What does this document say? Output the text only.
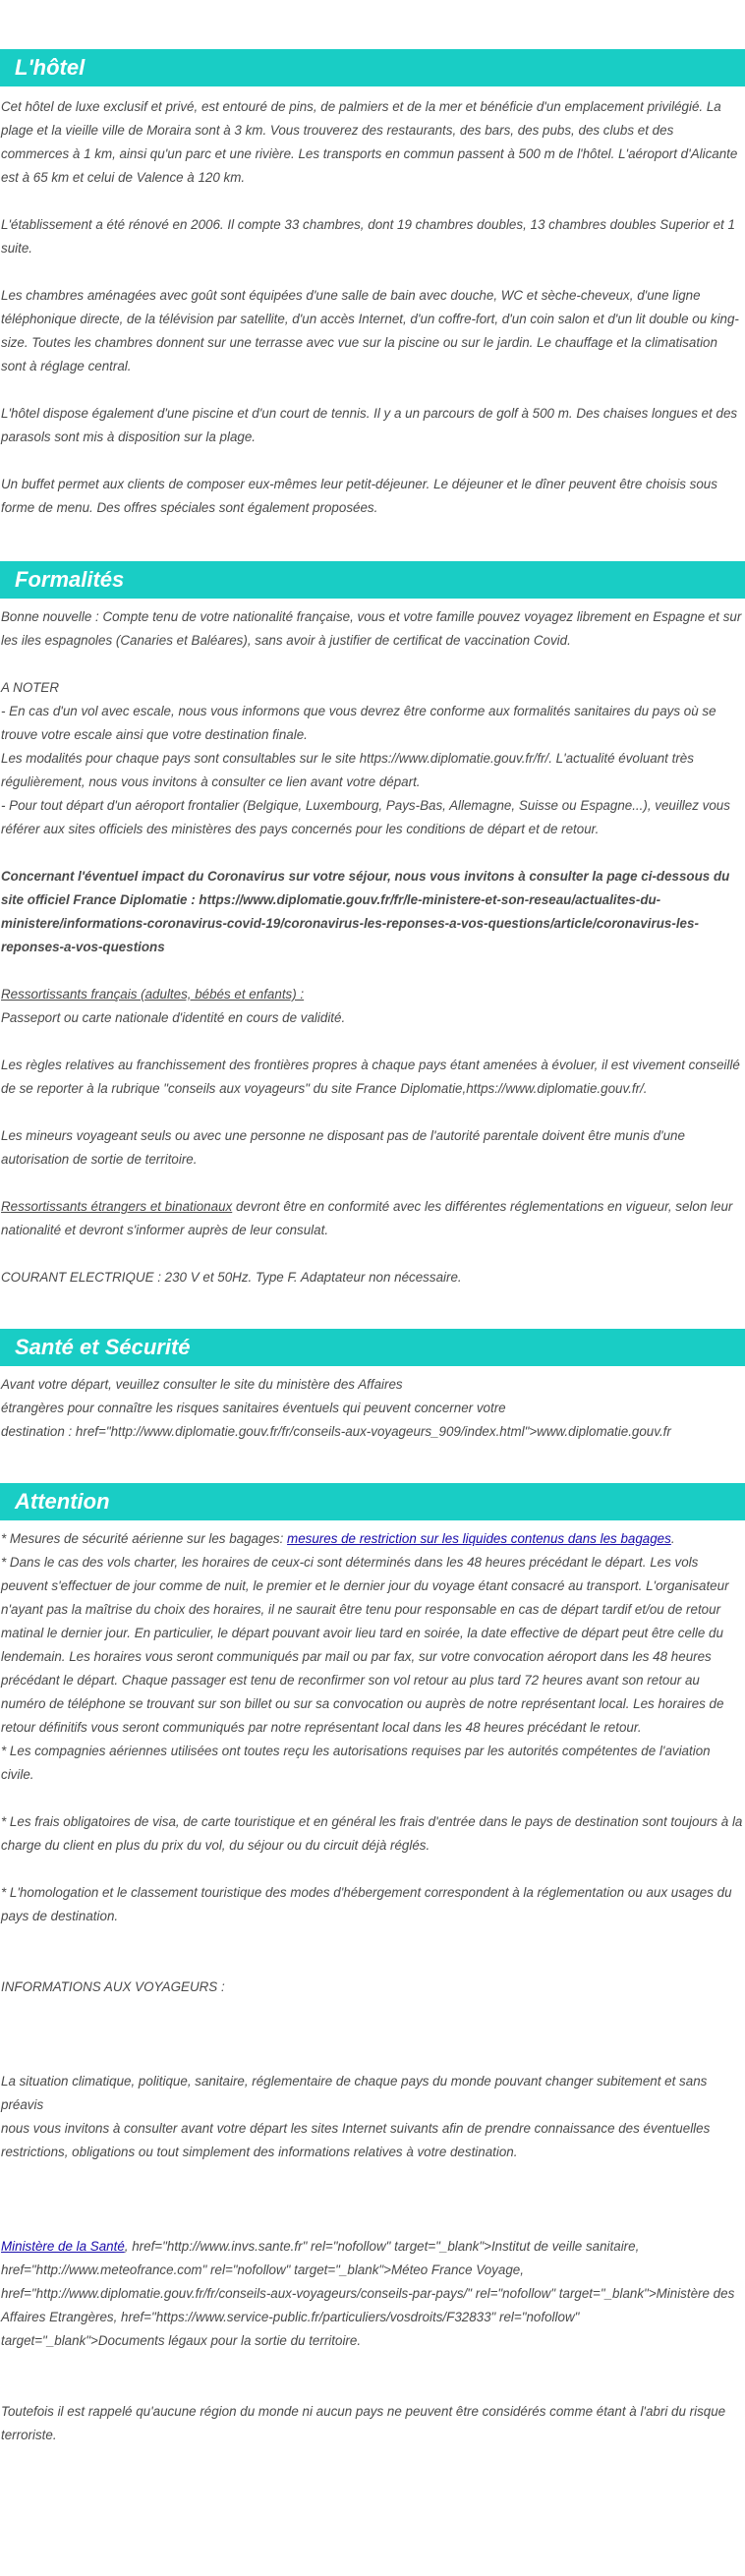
L'hôtel

Cet hôtel de luxe exclusif et privé, est entouré de pins, de palmiers et de la mer et bénéficie d'un emplacement privilégié. La plage et la vieille ville de Moraira sont à 3 km. Vous trouverez des restaurants, des bars, des pubs, des clubs et des commerces à 1 km, ainsi qu'un parc et une rivière. Les transports en commun passent à 500 m de l'hôtel. L'aéroport d'Alicante est à 65 km et celui de Valence à 120 km.

L'établissement a été rénové en 2006. Il compte 33 chambres, dont 19 chambres doubles, 13 chambres doubles Superior et 1 suite.

Les chambres aménagées avec goût sont équipées d'une salle de bain avec douche, WC et sèche-cheveux, d'une ligne téléphonique directe, de la télévision par satellite, d'un accès Internet, d'un coffre-fort, d'un coin salon et d'un lit double ou king-size. Toutes les chambres donnent sur une terrasse avec vue sur la piscine ou sur le jardin. Le chauffage et la climatisation sont à réglage central.

L'hôtel dispose également d'une piscine et d'un court de tennis. Il y a un parcours de golf à 500 m. Des chaises longues et des parasols sont mis à disposition sur la plage.

Un buffet permet aux clients de composer eux-mêmes leur petit-déjeuner. Le déjeuner et le dîner peuvent être choisis sous forme de menu. Des offres spéciales sont également proposées.

Formalités

Bonne nouvelle : Compte tenu de votre nationalité française, vous et votre famille pouvez voyagez librement en Espagne et sur les iles espagnoles (Canaries et Baléares), sans avoir à justifier de certificat de vaccination Covid.

A NOTER

- En cas d'un vol avec escale, nous vous informons que vous devrez être conforme aux formalités sanitaires du pays où se trouve votre escale ainsi que votre destination finale.

Les modalités pour chaque pays sont consultables sur le site https://www.diplomatie.gouv.fr/fr/. L'actualité évoluant très régulièrement, nous vous invitons à consulter ce lien avant votre départ.

- Pour tout départ d'un aéroport frontalier (Belgique, Luxembourg, Pays-Bas, Allemagne, Suisse ou Espagne...), veuillez vous référer aux sites officiels des ministères des pays concernés pour les conditions de départ et de retour.

Concernant l'éventuel impact du Coronavirus sur votre séjour, nous vous invitons à consulter la page ci-dessous du site officiel France Diplomatie : https://www.diplomatie.gouv.fr/fr/le-ministere-et-son-reseau/actualites-du-ministere/informations-coronavirus-covid-19/coronavirus-les-reponses-a-vos-questions/article/coronavirus-les-reponses-a-vos-questions

Ressortissants français (adultes, bébés et enfants) :

Passeport ou carte nationale d'identité en cours de validité.

Les règles relatives au franchissement des frontières propres à chaque pays étant amenées à évoluer, il est vivement conseillé de se reporter à la rubrique "conseils aux voyageurs" du site France Diplomatie,https://www.diplomatie.gouv.fr/.

Les mineurs voyageant seuls ou avec une personne ne disposant pas de l'autorité parentale doivent être munis d'une autorisation de sortie de territoire.

Ressortissants étrangers et binationaux devront être en conformité avec les différentes réglementations en vigueur, selon leur nationalité et devront s'informer auprès de leur consulat.

COURANT ELECTRIQUE : 230 V et 50Hz. Type F. Adaptateur non nécessaire.

Santé et Sécurité

Avant votre départ, veuillez consulter le site du ministère des Affaires

étrangères pour connaître les risques sanitaires éventuels qui peuvent concerner votre

destination : href="http://www.diplomatie.gouv.fr/fr/conseils-aux-voyageurs_909/index.html">www.diplomatie.gouv.fr

Attention

* Mesures de sécurité aérienne sur les bagages: mesures de restriction sur les liquides contenus dans les bagages.

* Dans le cas des vols charter, les horaires de ceux-ci sont déterminés dans les 48 heures précédant le départ. Les vols peuvent s'effectuer de jour comme de nuit, le premier et le dernier jour du voyage étant consacré au transport. L'organisateur n'ayant pas la maîtrise du choix des horaires, il ne saurait être tenu pour responsable en cas de départ tardif et/ou de retour matinal le dernier jour. En particulier, le départ pouvant avoir lieu tard en soirée, la date effective de départ peut être celle du lendemain. Les horaires vous seront communiqués par mail ou par fax, sur votre convocation aéroport dans les 48 heures précédant le départ. Chaque passager est tenu de reconfirmer son vol retour au plus tard 72 heures avant son retour au numéro de téléphone se trouvant sur son billet ou sur sa convocation ou auprès de notre représentant local. Les horaires de retour définitifs vous seront communiqués par notre représentant local dans les 48 heures précédant le retour.

* Les compagnies aériennes utilisées ont toutes reçu les autorisations requises par les autorités compétentes de l'aviation civile.

* Les frais obligatoires de visa, de carte touristique et en général les frais d'entrée dans le pays de destination sont toujours à la charge du client en plus du prix du vol, du séjour ou du circuit déjà réglés.

* L'homologation et le classement touristique des modes d'hébergement correspondent à la réglementation ou aux usages du pays de destination.

INFORMATIONS AUX VOYAGEURS :

La situation climatique, politique, sanitaire, réglementaire de chaque pays du monde pouvant changer subitement et sans préavis

nous vous invitons à consulter avant votre départ les sites Internet suivants afin de prendre connaissance des éventuelles restrictions, obligations ou tout simplement des informations relatives à votre destination.

Ministère de la Santé, href="http://www.invs.sante.fr" rel="nofollow" target="_blank">Institut de veille sanitaire, href="http://www.meteofrance.com" rel="nofollow" target="_blank">Méteo France Voyage, href="http://www.diplomatie.gouv.fr/fr/conseils-aux-voyageurs/conseils-par-pays/" rel="nofollow" target="_blank">Ministère des Affaires Etrangères, href="https://www.service-public.fr/particuliers/vosdroits/F32833" rel="nofollow" target="_blank">Documents légaux pour la sortie du territoire.

Toutefois il est rappelé qu'aucune région du monde ni aucun pays ne peuvent être considérés comme étant à l'abri du risque terroriste.
